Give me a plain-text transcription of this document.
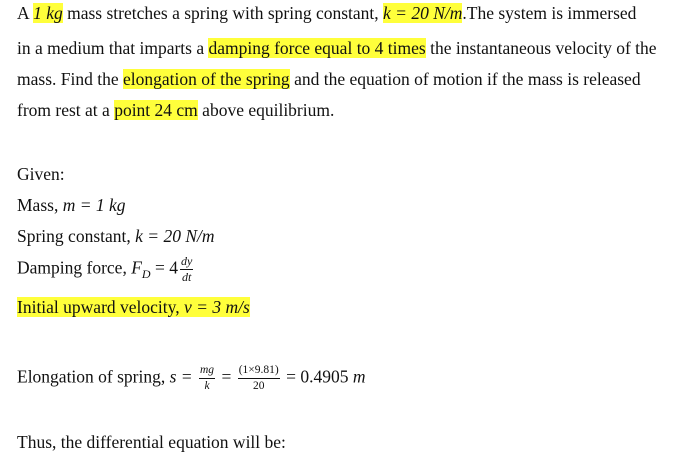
A 1 kg mass stretches a spring with spring constant, k = 20 N/m.The system is immersed
in a medium that imparts a damping force equal to 4 times the instantaneous velocity of the
mass. Find the elongation of the spring and the equation of motion if the mass is released
from rest at a point 24 cm above equilibrium.
Given:
Mass, m = 1 kg
Spring constant, k = 20 N/m
Damping force, $F_D = 4 \frac{dy}{dt}$
Initial upward velocity, v = 3 m/s
Elongation of spring, $s = \frac{mg}{k} = \frac{(1\times 9.81)}{20} = 0.4905$ m
Thus, the differential equation will be:
